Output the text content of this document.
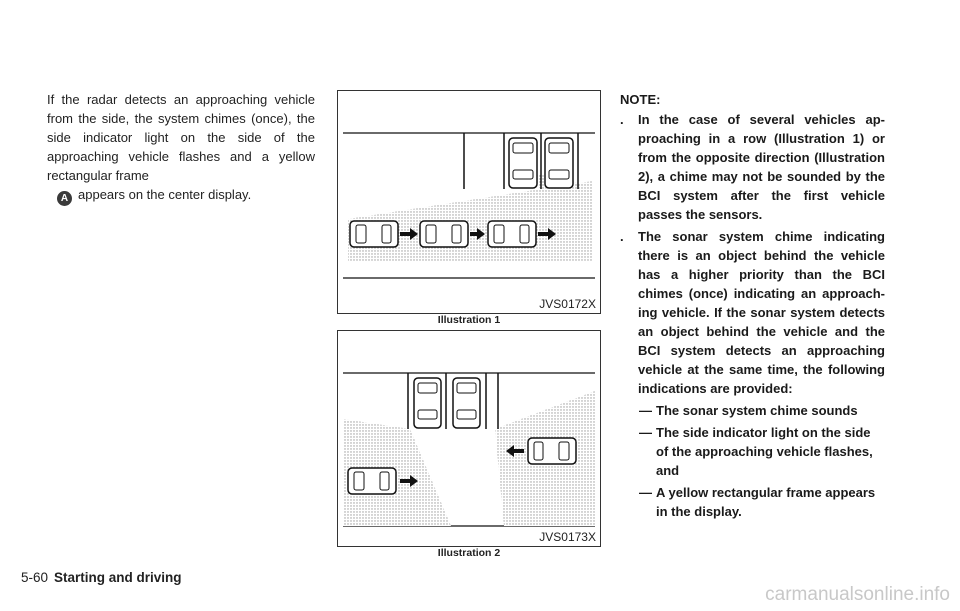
If the radar detects an approaching vehicle from the side, the system chimes (once), the side indicator light on the side of the approaching vehicle flashes and a yellow rectangular frame
A appears on the center display.
JVS0172X
Illustration 1
JVS0173X
Illustration 2
NOTE:
.	In the case of several vehicles ap-proaching in a row (Illustration 1) or from the opposite direction (Illustration 2), a chime may not be sounded by the BCI system after the first vehicle passes the sensors.
.	The sonar system chime indicating there is an object behind the vehicle has a higher priority than the BCI chimes (once) indicating an approach-ing vehicle. If the sonar system detects an object behind the vehicle and the BCI system detects an approaching vehicle at the same time, the following indications are provided:
— The sonar system chime sounds
— The side indicator light on the side of the approaching vehicle flashes, and
— A yellow rectangular frame appears in the display.
5-60 Starting and driving
carmanualsonline.info
